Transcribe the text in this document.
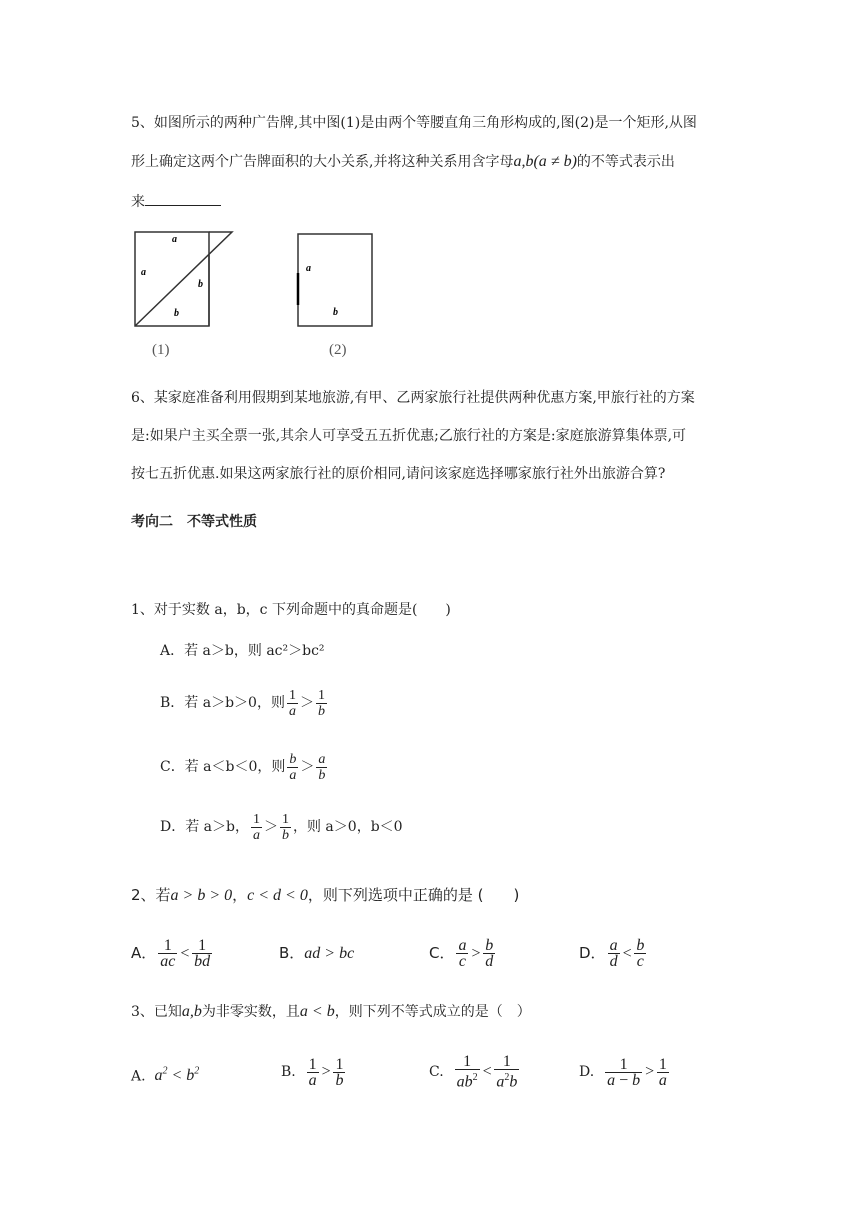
5、如图所示的两种广告牌,其中图(1)是由两个等腰直角三角形构成的,图(2)是一个矩形,从图
形上确定这两个广告牌面积的大小关系,并将这种关系用含字母a,b(a ≠ b)的不等式表示出
来
a
a
b
b
(1)
a
b
(2)
6、某家庭准备利用假期到某地旅游,有甲、乙两家旅行社提供两种优惠方案,甲旅行社的方案
是:如果户主买全票一张,其余人可享受五五折优惠;乙旅行社的方案是:家庭旅游算集体票,可
按七五折优惠.如果这两家旅行社的原价相同,请问该家庭选择哪家旅行社外出旅游合算?
考向二　不等式性质
1、对于实数 a，b，c 下列命题中的真命题是(　　)
A．若 a＞b，则 ac²＞bc²
B．若 a＞b＞0，则 $\frac{1}{a} > \frac{1}{b}$
C．若 a＜b＜0，则 $\frac{b}{a} > \frac{a}{b}$
D．若 a＞b， $\frac{1}{a} > \frac{1}{b}$ ，则 a＞0，b＜0
2、若a > b > 0，c < d < 0，则下列选项中正确的是 (　　)
A． $\frac{1}{ac} < \frac{1}{bd}$	B．ad > bc	C． $\frac{a}{c} > \frac{b}{d}$	D． $\frac{a}{d} < \frac{b}{c}$
3、已知a,b为非零实数，且a < b，则下列不等式成立的是（　）
A. $a^2 < b^2$	B. $\frac{1}{a} > \frac{1}{b}$	C. $\frac{1}{ab^2} < \frac{1}{a^2b}$	D. $\frac{1}{a - b} > \frac{1}{a}$
